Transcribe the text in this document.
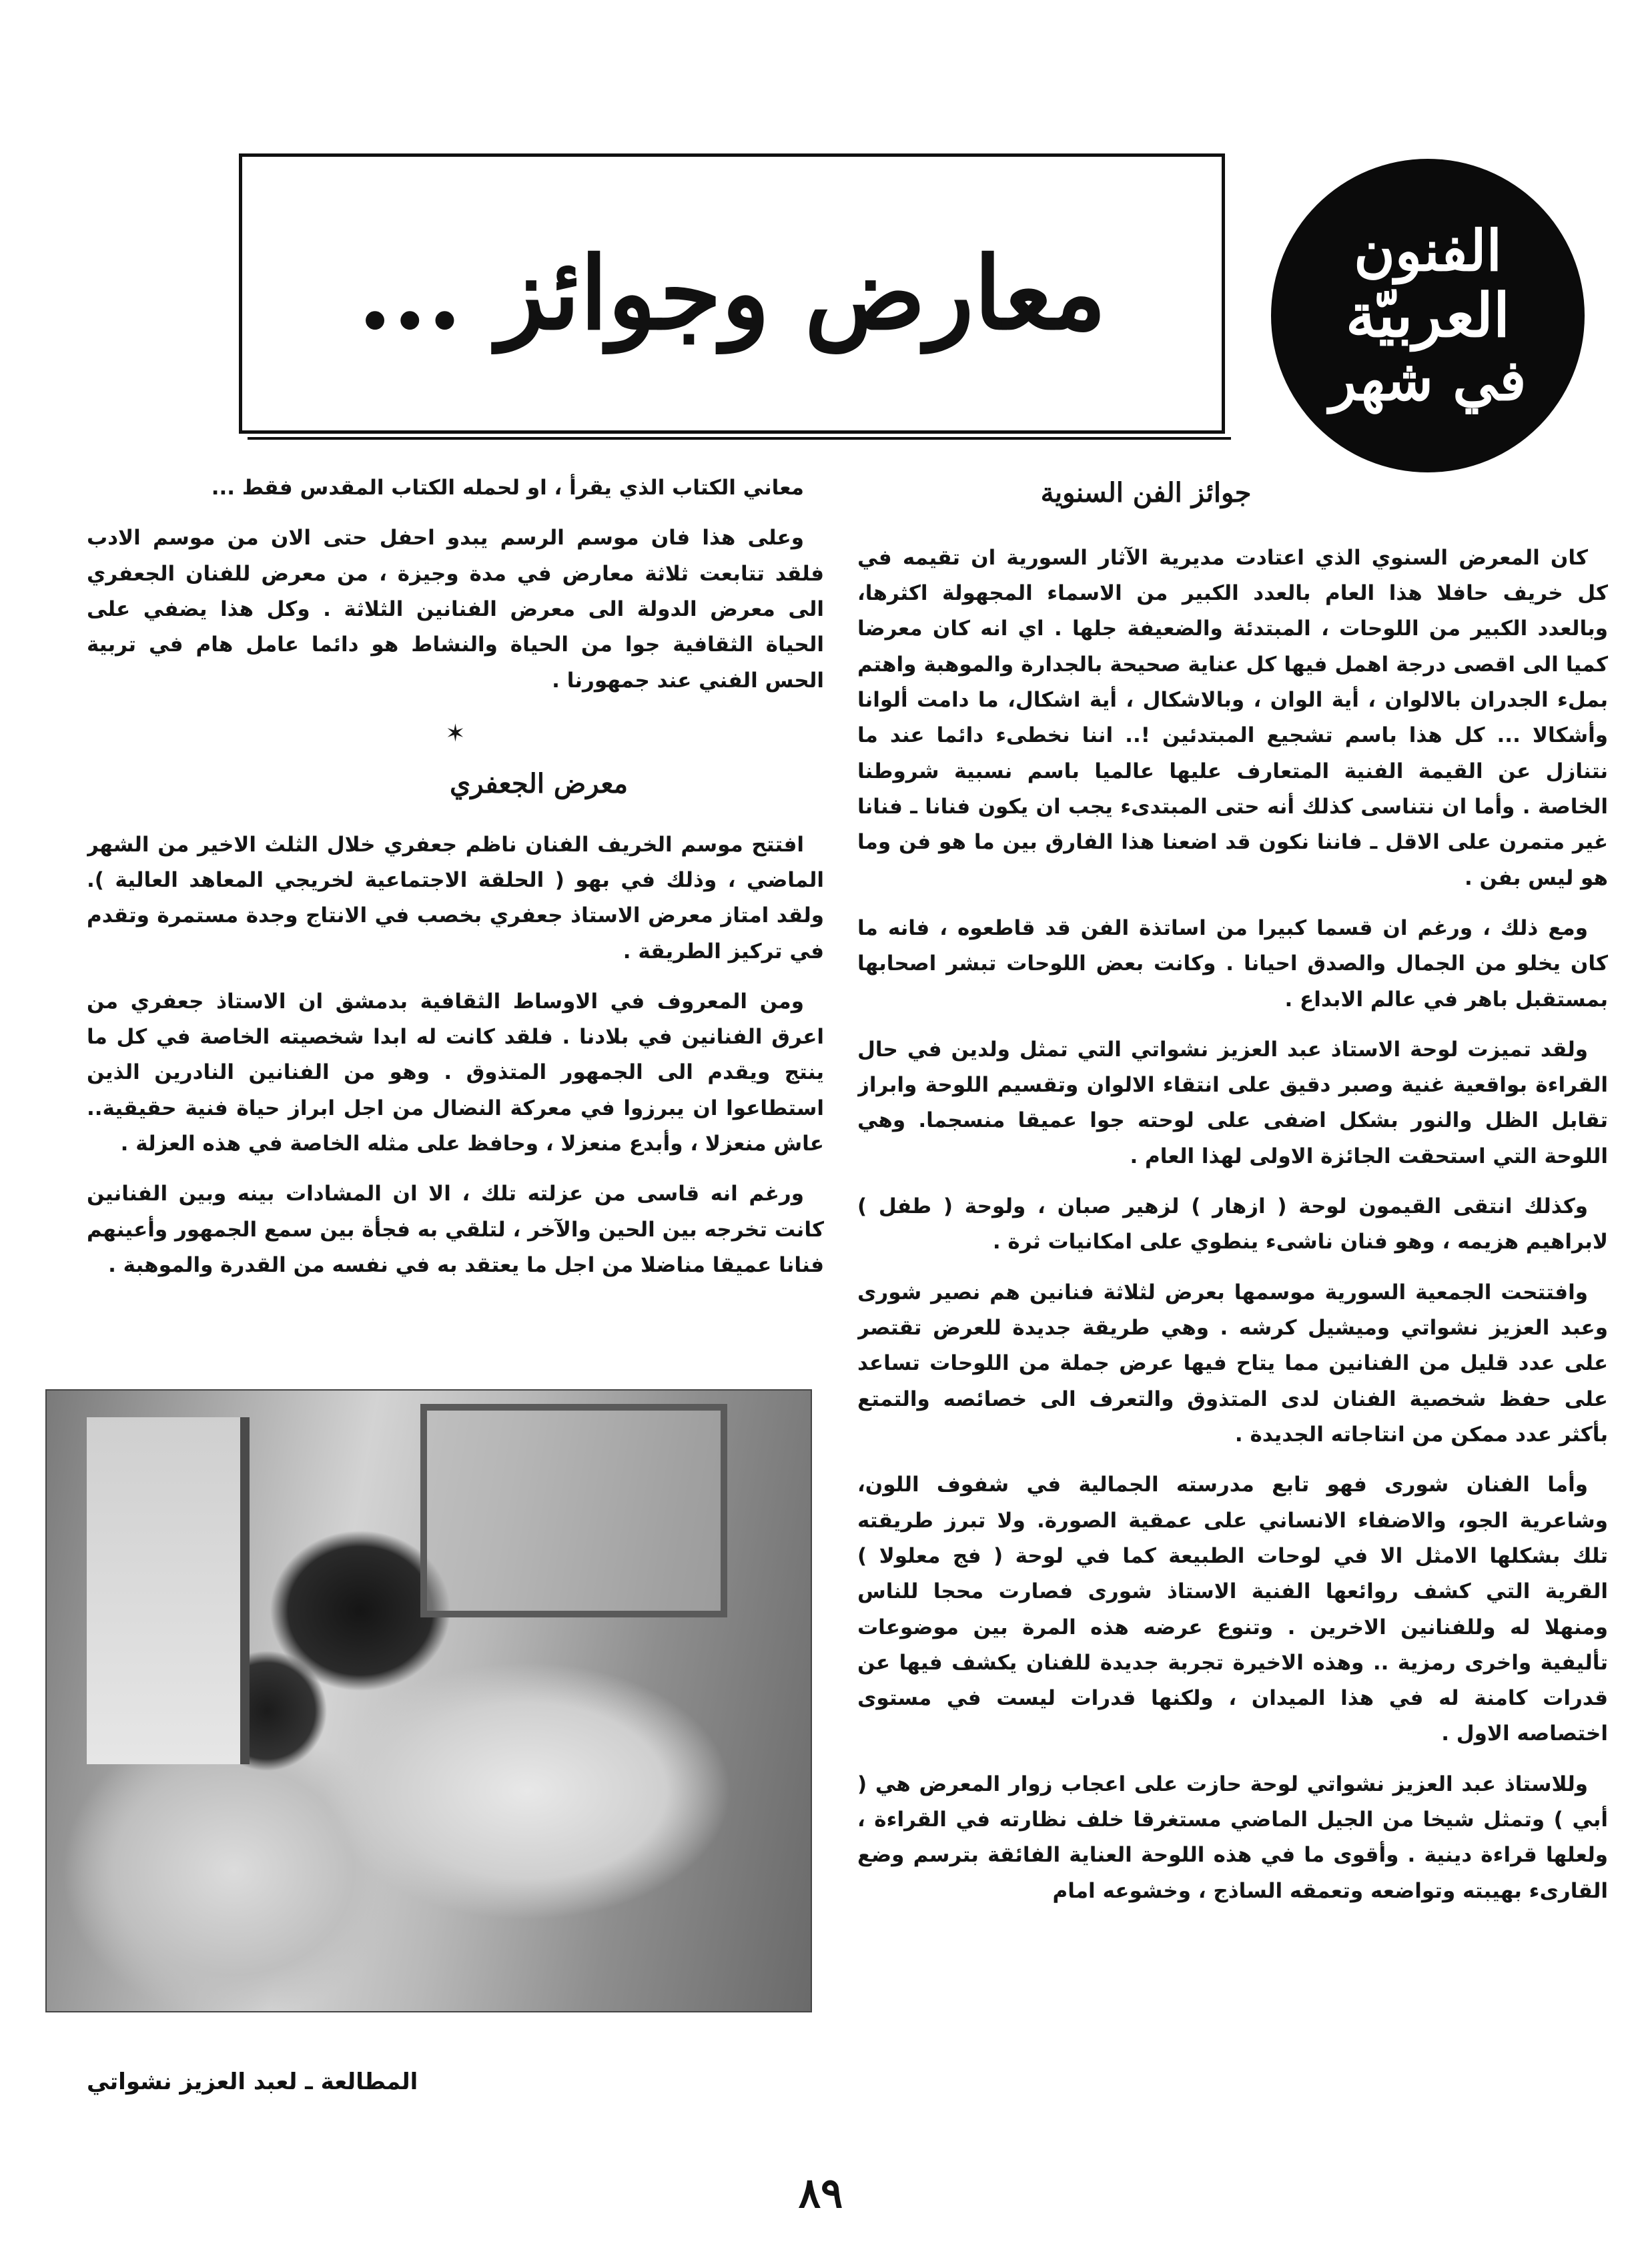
الفنون
العربيّة
في شهر
معارض وجوائز ...
جوائز الفن السنوية

كان المعرض السنوي الذي اعتادت مديرية الآثار السورية ان تقيمه في كل خريف حافلا هذا العام بالعدد الكبير من الاسماء المجهولة اكثرها، وبالعدد الكبير من اللوحات ، المبتدئة والضعيفة جلها . اي انه كان معرضا كميا الى اقصى درجة اهمل فيها كل عناية صحيحة بالجدارة والموهبة واهتم بملء الجدران بالالوان ، أية الوان ، وبالاشكال ، أية اشكال، ما دامت ألوانا وأشكالا ... كل هذا باسم تشجيع المبتدئين !.. اننا نخطىء دائما عند ما نتنازل عن القيمة الفنية المتعارف عليها عالميا باسم نسبية شروطنا الخاصة . وأما ان نتناسى كذلك أنه حتى المبتدىء يجب ان يكون فنانا ـ فنانا غير متمرن على الاقل ـ فاننا نكون قد اضعنا هذا الفارق بين ما هو فن وما هو ليس بفن .

ومع ذلك ، ورغم ان قسما كبيرا من اساتذة الفن قد قاطعوه ، فانه ما كان يخلو من الجمال والصدق احيانا . وكانت بعض اللوحات تبشر اصحابها بمستقبل باهر في عالم الابداع .

ولقد تميزت لوحة الاستاذ عبد العزيز نشواتي التي تمثل ولدين في حال القراءة بواقعية غنية وصبر دقيق على انتقاء الالوان وتقسيم اللوحة وابراز تقابل الظل والنور بشكل اضفى على لوحته جوا عميقا منسجما. وهي اللوحة التي استحقت الجائزة الاولى لهذا العام .

وكذلك انتقى القيمون لوحة ( ازهار ) لزهير صبان ، ولوحة ( طفل ) لابراهيم هزيمه ، وهو فنان ناشىء ينطوي على امكانيات ثرة .

وافتتحت الجمعية السورية موسمها بعرض لثلاثة فنانين هم نصير شورى وعبد العزيز نشواتي وميشيل كرشه . وهي طريقة جديدة للعرض تقتصر على عدد قليل من الفنانين مما يتاح فيها عرض جملة من اللوحات تساعد على حفظ شخصية الفنان لدى المتذوق والتعرف الى خصائصه والتمتع بأكثر عدد ممكن من انتاجاته الجديدة .

وأما الفنان شورى فهو تابع مدرسته الجمالية في شفوف اللون، وشاعرية الجو، والاضفاء الانساني على عمقية الصورة. ولا تبرز طريقته تلك بشكلها الامثل الا في لوحات الطبيعة كما في لوحة ( فج معلولا ) القرية التي كشف روائعها الفنية الاستاذ شورى فصارت محجا للناس ومنهلا له وللفنانين الاخرين . وتنوع عرضه هذه المرة بين موضوعات تأليفية واخرى رمزية .. وهذه الاخيرة تجربة جديدة للفنان يكشف فيها عن قدرات كامنة له في هذا الميدان ، ولكنها قدرات ليست في مستوى اختصاصه الاول .

وللاستاذ عبد العزيز نشواتي لوحة حازت على اعجاب زوار المعرض هي ( أبي ) وتمثل شيخا من الجيل الماضي مستغرقا خلف نظارته في القراءة ، ولعلها قراءة دينية . وأقوى ما في هذه اللوحة العناية الفائقة بترسم وضع القارىء بهيبته وتواضعه وتعمقه الساذج ، وخشوعه امام

معاني الكتاب الذي يقرأ ، او لحمله الكتاب المقدس فقط ...

وعلى هذا فان موسم الرسم يبدو احفل حتى الان من موسم الادب فلقد تتابعت ثلاثة معارض في مدة وجيزة ، من معرض للفنان الجعفري الى معرض الدولة الى معرض الفنانين الثلاثة . وكل هذا يضفي على الحياة الثقافية جوا من الحياة والنشاط هو دائما عامل هام في تربية الحس الفني عند جمهورنا .

✶
معرض الجعفري

افتتح موسم الخريف الفنان ناظم جعفري خلال الثلث الاخير من الشهر الماضي ، وذلك في بهو ( الحلقة الاجتماعية لخريجي المعاهد العالية ). ولقد امتاز معرض الاستاذ جعفري بخصب في الانتاج وجدة مستمرة وتقدم في تركيز الطريقة .

ومن المعروف في الاوساط الثقافية بدمشق ان الاستاذ جعفري من اعرق الفنانين في بلادنا . فلقد كانت له ابدا شخصيته الخاصة في كل ما ينتج ويقدم الى الجمهور المتذوق . وهو من الفنانين النادرين الذين استطاعوا ان يبرزوا في معركة النضال من اجل ابراز حياة فنية حقيقية.. عاش منعزلا ، وأبدع منعزلا ، وحافظ على مثله الخاصة في هذه العزلة .

ورغم انه قاسى من عزلته تلك ، الا ان المشادات بينه وبين الفنانين كانت تخرجه بين الحين والآخر ، لتلقي به فجأة بين سمع الجمهور وأعينهم فنانا عميقا مناضلا من اجل ما يعتقد به في نفسه من القدرة والموهبة .

المطالعة ـ لعبد العزيز نشواتي
٨٩
